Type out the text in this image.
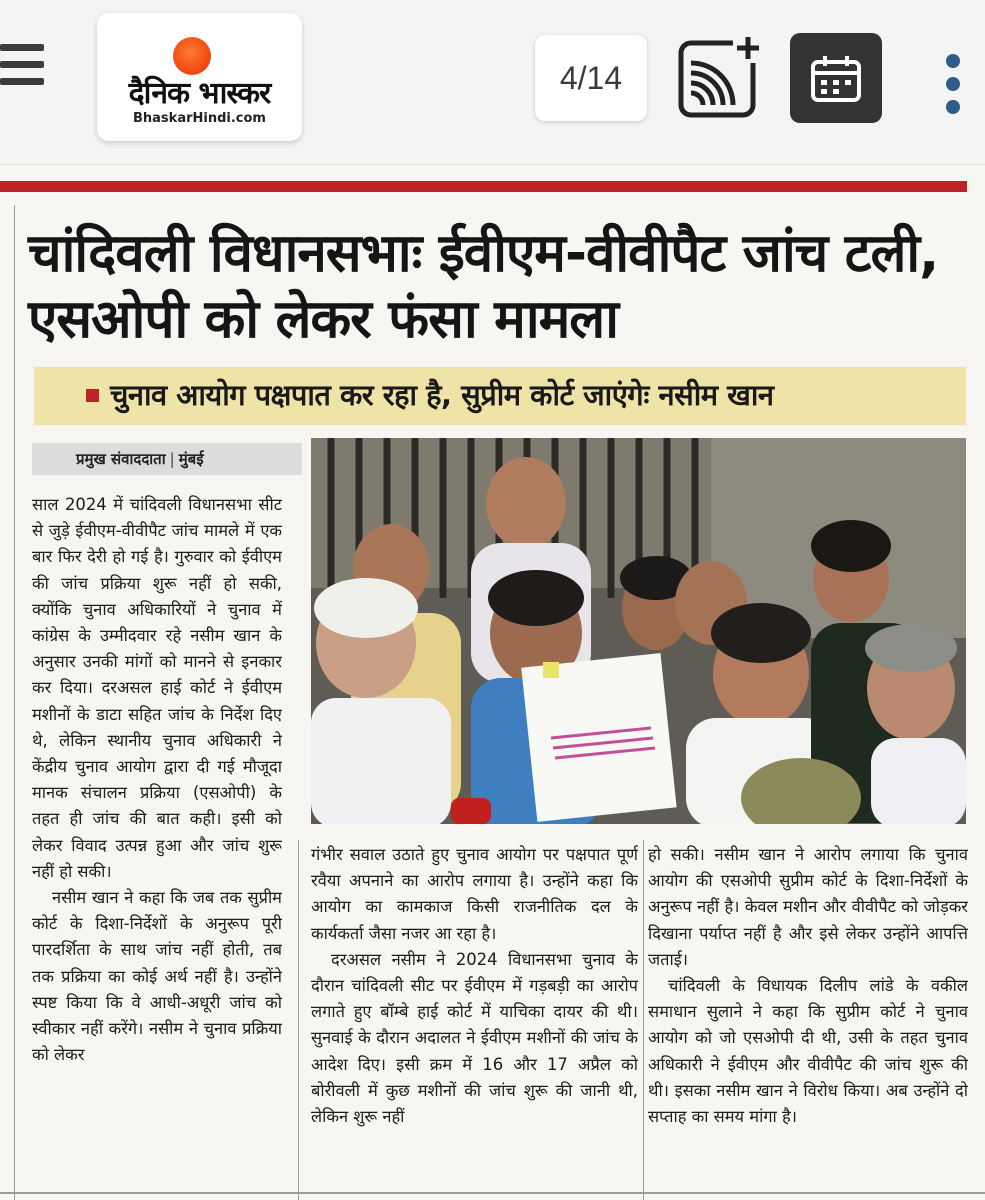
दैनिक भास्कर
BhaskarHindi.com
4/14
चांदिवली विधानसभाः ईवीएम-वीवीपैट जांच टली, एसओपी को लेकर फंसा मामला
चुनाव आयोग पक्षपात कर रहा है, सुप्रीम कोर्ट जाएंगेः नसीम खान
प्रमुख संवाददाता | मुंबई

साल 2024 में चांदिवली विधानसभा सीट से जुड़े ईवीएम-वीवीपैट जांच मामले में एक बार फिर देरी हो गई है। गुरुवार को ईवीएम की जांच प्रक्रिया शुरू नहीं हो सकी, क्योंकि चुनाव अधिकारियों ने चुनाव में कांग्रेस के उम्मीदवार रहे नसीम खान के अनुसार उनकी मांगों को मानने से इनकार कर दिया। दरअसल हाई कोर्ट ने ईवीएम मशीनों के डाटा सहित जांच के निर्देश दिए थे, लेकिन स्थानीय चुनाव अधिकारी ने केंद्रीय चुनाव आयोग द्वारा दी गई मौजूदा मानक संचालन प्रक्रिया (एसओपी) के तहत ही जांच की बात कही। इसी को लेकर विवाद उत्पन्न हुआ और जांच शुरू नहीं हो सकी।

नसीम खान ने कहा कि जब तक सुप्रीम कोर्ट के दिशा-निर्देशों के अनुरूप पूरी पारदर्शिता के साथ जांच नहीं होती, तब तक प्रक्रिया का कोई अर्थ नहीं है। उन्होंने स्पष्ट किया कि वे आधी-अधूरी जांच को स्वीकार नहीं करेंगे। नसीम ने चुनाव प्रक्रिया को लेकर

गंभीर सवाल उठाते हुए चुनाव आयोग पर पक्षपात पूर्ण रवैया अपनाने का आरोप लगाया है। उन्होंने कहा कि आयोग का कामकाज किसी राजनीतिक दल के कार्यकर्ता जैसा नजर आ रहा है।

दरअसल नसीम ने 2024 विधानसभा चुनाव के दौरान चांदिवली सीट पर ईवीएम में गड़बड़ी का आरोप लगाते हुए बॉम्बे हाई कोर्ट में याचिका दायर की थी। सुनवाई के दौरान अदालत ने ईवीएम मशीनों की जांच के आदेश दिए। इसी क्रम में 16 और 17 अप्रैल को बोरीवली में कुछ मशीनों की जांच शुरू की जानी थी, लेकिन शुरू नहीं

हो सकी। नसीम खान ने आरोप लगाया कि चुनाव आयोग की एसओपी सुप्रीम कोर्ट के दिशा-निर्देशों के अनुरूप नहीं है। केवल मशीन और वीवीपैट को जोड़कर दिखाना पर्याप्त नहीं है और इसे लेकर उन्होंने आपत्ति जताई।

चांदिवली के विधायक दिलीप लांडे के वकील समाधान सुलाने ने कहा कि सुप्रीम कोर्ट ने चुनाव आयोग को जो एसओपी दी थी, उसी के तहत चुनाव अधिकारी ने ईवीएम और वीवीपैट की जांच शुरू की थी। इसका नसीम खान ने विरोध किया। अब उन्होंने दो सप्ताह का समय मांगा है।
